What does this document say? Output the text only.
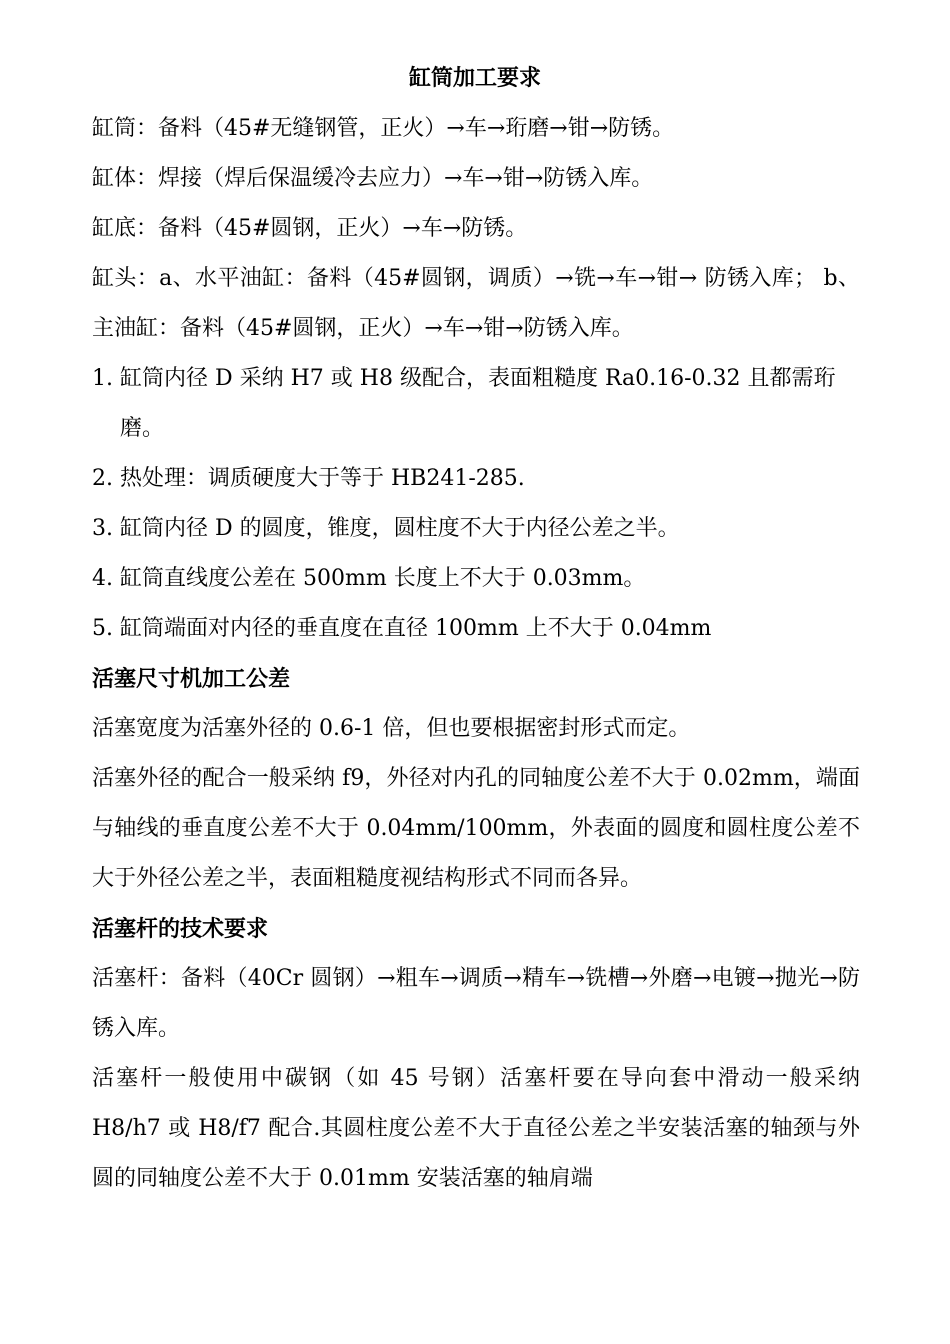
缸筒加工要求

缸筒：备料（45#无缝钢管，正火）→车→珩磨→钳→防锈。

缸体：焊接（焊后保温缓冷去应力）→车→钳→防锈入库。

缸底：备料（45#圆钢，正火）→车→防锈。

缸头：a、水平油缸：备料（45#圆钢，调质）→铣→车→钳→ 防锈入库； b、主油缸：备料（45#圆钢，正火）→车→钳→防锈入库。

1. 缸筒内径 D 采纳 H7 或 H8 级配合，表面粗糙度 Ra0.16-0.32 且都需珩磨。
2. 热处理：调质硬度大于等于 HB241-285.
3. 缸筒内径 D 的圆度，锥度，圆柱度不大于内径公差之半。
4. 缸筒直线度公差在 500mm 长度上不大于 0.03mm。
5. 缸筒端面对内径的垂直度在直径 100mm 上不大于 0.04mm

活塞尺寸机加工公差

活塞宽度为活塞外径的 0.6-1 倍，但也要根据密封形式而定。

活塞外径的配合一般采纳 f9，外径对内孔的同轴度公差不大于 0.02mm，端面与轴线的垂直度公差不大于 0.04mm/100mm，外表面的圆度和圆柱度公差不大于外径公差之半，表面粗糙度视结构形式不同而各异。

活塞杆的技术要求

活塞杆：备料（40Cr 圆钢）→粗车→调质→精车→铣槽→外磨→电镀→抛光→防锈入库。

活塞杆一般使用中碳钢（如 45 号钢）活塞杆要在导向套中滑动一般采纳 H8/h7 或 H8/f7 配合.其圆柱度公差不大于直径公差之半安装活塞的轴颈与外圆的同轴度公差不大于 0.01mm 安装活塞的轴肩端
